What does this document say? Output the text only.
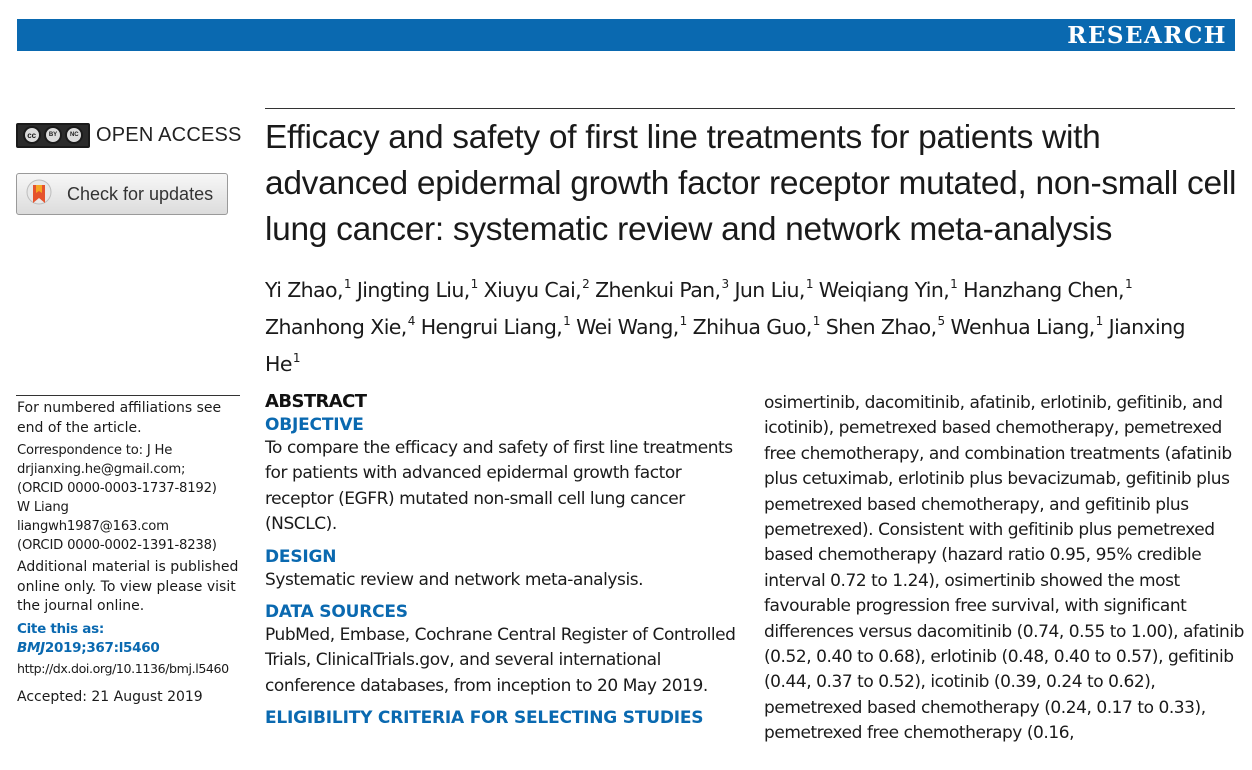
RESEARCH
cc	BY	NC OPEN ACCESS
Check for updates

For numbered affiliations see end of the article.

Correspondence to: J He
drjianxing.he@gmail.com;
(ORCID 0000-0003-1737-8192)
W Liang
liangwh1987@163.com
(ORCID 0000-0002-1391-8238)

Additional material is published online only. To view please visit the journal online.

Cite this as: BMJ2019;367:l5460

http://dx.doi.org/10.1136/bmj.l5460

Accepted: 21 August 2019

Efficacy and safety of first line treatments for patients with advanced epidermal growth factor receptor mutated, non-small cell lung cancer: systematic review and network meta-analysis
Yi Zhao,$^1$ Jingting Liu,$^1$ Xiuyu Cai,$^2$ Zhenkui Pan,$^3$ Jun Liu,$^1$ Weiqiang Yin,$^1$ Hanzhang Chen,$^1$ Zhanhong Xie,$^4$ Hengrui Liang,$^1$ Wei Wang,$^1$ Zhihua Guo,$^1$ Shen Zhao,$^5$ Wenhua Liang,$^1$ Jianxing He$^1$
ABSTRACT
OBJECTIVE

To compare the efficacy and safety of first line treatments for patients with advanced epidermal growth factor receptor (EGFR) mutated non-small cell lung cancer (NSCLC).

DESIGN

Systematic review and network meta-analysis.

DATA SOURCES

PubMed, Embase, Cochrane Central Register of Controlled Trials, ClinicalTrials.gov, and several international conference databases, from inception to 20 May 2019.

ELIGIBILITY CRITERIA FOR SELECTING STUDIES
osimertinib, dacomitinib, afatinib, erlotinib, gefitinib, and icotinib), pemetrexed based chemotherapy, pemetrexed free chemotherapy, and combination treatments (afatinib plus cetuximab, erlotinib plus bevacizumab, gefitinib plus pemetrexed based chemotherapy, and gefitinib plus pemetrexed). Consistent with gefitinib plus pemetrexed based chemotherapy (hazard ratio 0.95, 95% credible interval 0.72 to 1.24), osimertinib showed the most favourable progression free survival, with significant differences versus dacomitinib (0.74, 0.55 to 1.00), afatinib (0.52, 0.40 to 0.68), erlotinib (0.48, 0.40 to 0.57), gefitinib (0.44, 0.37 to 0.52), icotinib (0.39, 0.24 to 0.62), pemetrexed based chemotherapy (0.24, 0.17 to 0.33), pemetrexed free chemotherapy (0.16,
